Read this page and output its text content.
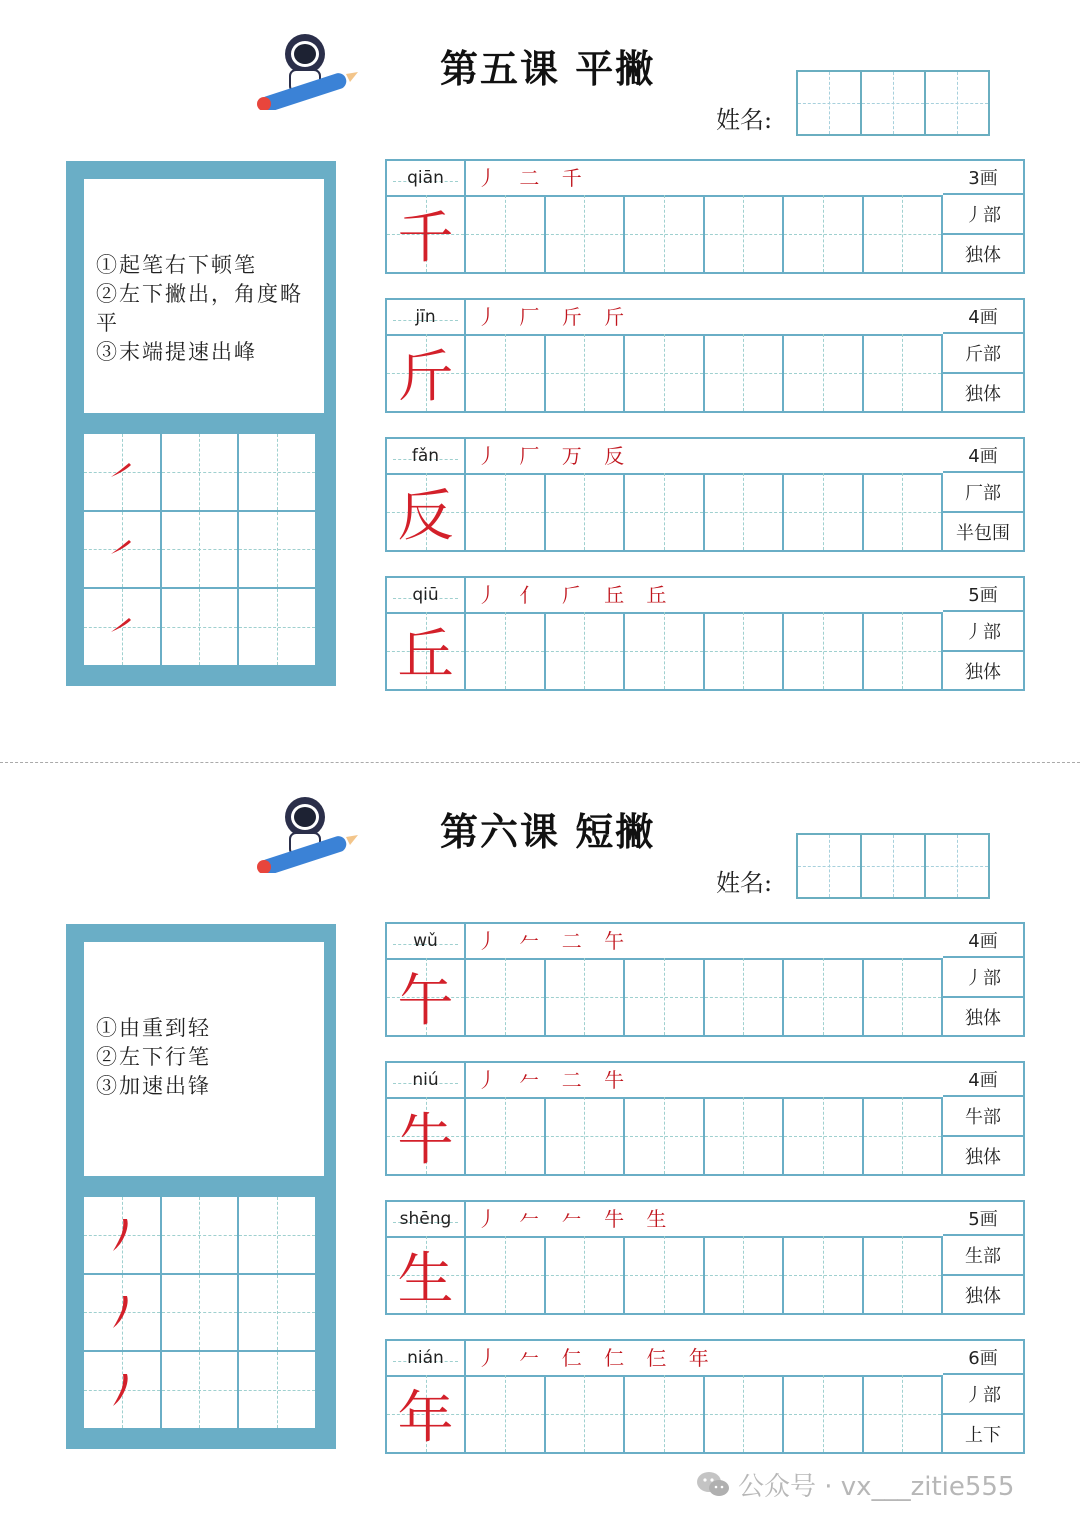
第五课 平撇
姓名:
①起笔右下顿笔
②左下撇出，角度略平
③末端提速出峰
qiān	丿 二 千
千
3画
丿部
独体
jīn	丿 厂 斤 斤
斤
4画
斤部
独体
fǎn	丿 厂 万 反
反
4画
厂部
半包围
qiū	丿 亻 𠂆 丘 丘
丘
5画
丿部
独体
第六课 短撇
姓名:
①由重到轻
②左下行笔
③加速出锋
wǔ	丿 𠂉 二 午
午
4画
丿部
独体
niú	丿 𠂉 二 牛
牛
4画
牛部
独体
shēng	丿 𠂉 𠂉 牛 生
生
5画
生部
独体
nián	丿 𠂉 仁 仁 仨 年
年
6画
丿部
上下
公众号 · vx___zitie555
